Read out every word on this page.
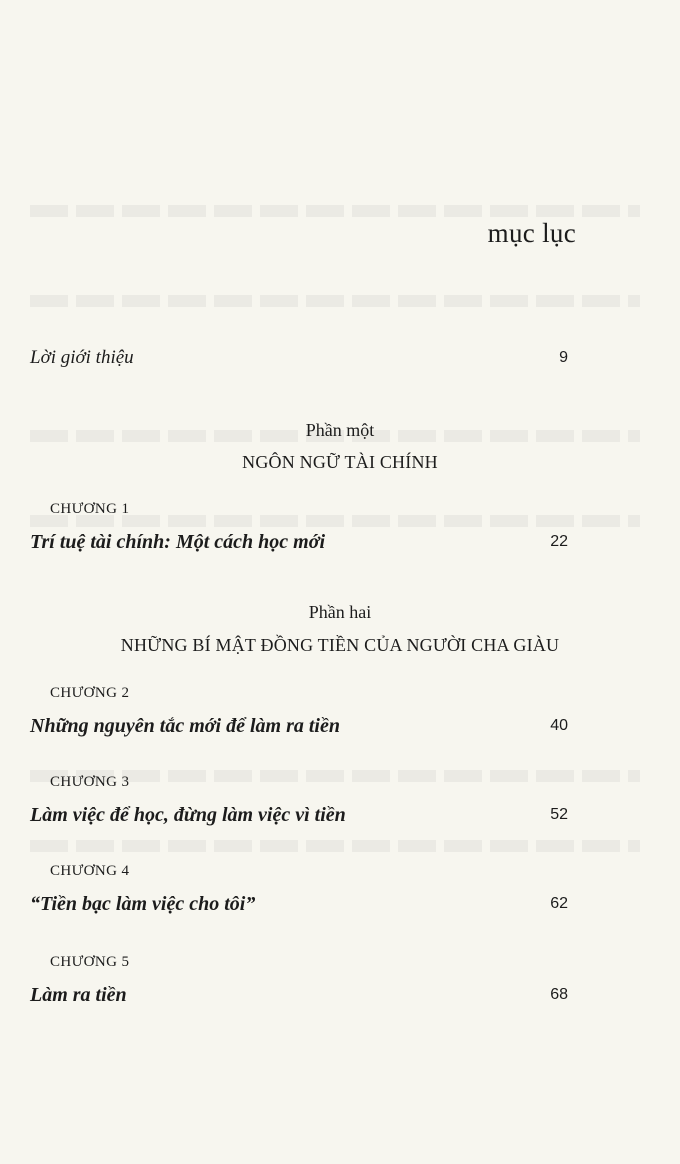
mục lục
Lời giới thiệu	9
Phần một
NGÔN NGỮ TÀI CHÍNH
CHƯƠNG 1
Trí tuệ tài chính: Một cách học mới	22
Phần hai
NHỮNG BÍ MẬT ĐỒNG TIỀN CỦA NGƯỜI CHA GIÀU
CHƯƠNG 2
Những nguyên tắc mới để làm ra tiền	40
CHƯƠNG 3
Làm việc để học, đừng làm việc vì tiền	52
CHƯƠNG 4
“Tiền bạc làm việc cho tôi”	62
CHƯƠNG 5
Làm ra tiền	68
